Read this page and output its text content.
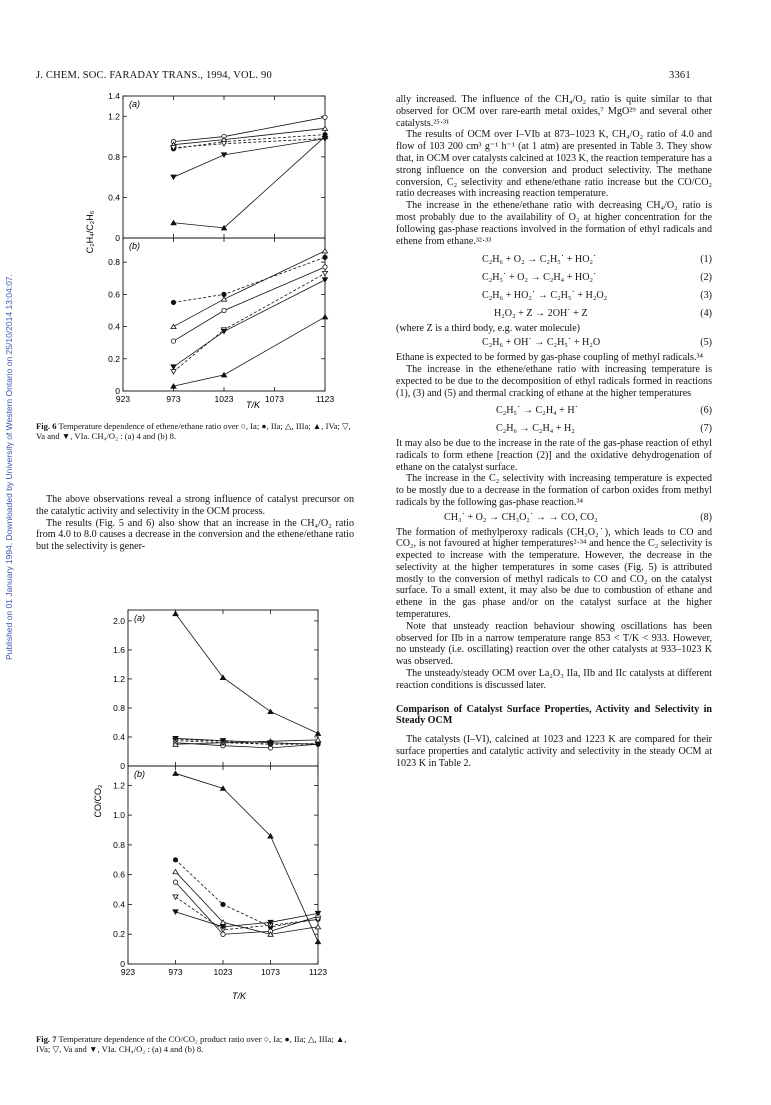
J. CHEM. SOC. FARADAY TRANS., 1994, VOL. 90	3361
Published on 01 January 1994. Downloaded by University of Western Ontario on 25/10/2014 13:04:07.
1.4
1.2
0.8
0.4
0
(a)
0.8
0.6
0.4
0.2
0
923	973	1023	1073	1123
(b)
C₂H₄/C₂H₆
T/K
Fig. 6 Temperature dependence of ethene/ethane ratio over ○, Ia; ●, IIa; △, IIIa; ▲, IVa; ▽, Va and ▼, VIa. CH₄/O₂ : (a) 4 and (b) 8.

The above observations reveal a strong influence of catalyst precursor on the catalytic activity and selectivity in the OCM process.

The results (Fig. 5 and 6) also show that an increase in the CH₄/O₂ ratio from 4.0 to 8.0 causes a decrease in the conversion and the ethene/ethane ratio but the selectivity is gener-

2.0
1.6
1.2
0.8
0.4
0
(a)
1.2
1.0
0.8
0.6
0.4
0.2
0
923	973	1023	1073	1123
(b)
CO/CO₂
T/K
Fig. 7 Temperature dependence of the CO/CO₂ product ratio over ○, Ia; ●, IIa; △, IIIa; ▲, IVa; ▽, Va and ▼, VIa. CH₄/O₂ : (a) 4 and (b) 8.

ally increased. The influence of the CH₄/O₂ ratio is quite similar to that observed for OCM over rare-earth metal oxides,⁷ MgO²⁹ and several other catalysts.²⁵·³¹

The results of OCM over I–VIb at 873–1023 K, CH₄/O₂ ratio of 4.0 and flow of 103 200 cm³ g⁻¹ h⁻¹ (at 1 atm) are presented in Table 3. They show that, in OCM over catalysts calcined at 1023 K, the reaction temperature has a strong influence on the conversion and product selectivity. The methane conversion, C₂ selectivity and ethene/ethane ratio increase but the CO/CO₂ ratio decreases with increasing reaction temperature.

The increase in the ethene/ethane ratio with decreasing CH₄/O₂ ratio is most probably due to the availability of O₂ at higher concentration for the following gas-phase reactions involved in the formation of ethyl radicals and ethene from ethane.³²·³³

C₂H₆ + O₂ → C₂H₅˙ + HO₂˙	(1)
C₂H₅˙ + O₂ → C₂H₄ + HO₂˙	(2)
C₂H₆ + HO₂˙ → C₂H₅˙ + H₂O₂	(3)
H₂O₂ + Z → 2OH˙ + Z	(4)

(where Z is a third body, e.g. water molecule)

C₂H₆ + OH˙ → C₂H₅˙ + H₂O	(5)

Ethane is expected to be formed by gas-phase coupling of methyl radicals.³⁴

The increase in the ethene/ethane ratio with increasing temperature is expected to be due to the decomposition of ethyl radicals formed in reactions (1), (3) and (5) and thermal cracking of ethane at the higher temperatures

C₂H₅˙ → C₂H₄ + H˙	(6)
C₂H₆ → C₂H₄ + H₂	(7)

It may also be due to the increase in the rate of the gas-phase reaction of ethyl radicals to form ethene [reaction (2)] and the oxidative dehydrogenation of ethane on the catalyst surface.

The increase in the C₂ selectivity with increasing temperature is expected to be mostly due to a decrease in the formation of carbon oxides from methyl radicals by the following gas-phase reaction.³⁴

CH₃˙ + O₂ → CH₃O₂˙ → → CO, CO₂	(8)

The formation of methylperoxy radicals (CH₃O₂˙), which leads to CO and CO₂, is not favoured at higher temperatures²·³⁴ and hence the C₂ selectivity is expected to increase with the temperature. However, the decrease in the selectivity at the higher temperatures in some cases (Fig. 5) is attributed mostly to the conversion of methyl radicals to CO and CO₂ on the catalyst surface. To a small extent, it may also be due to combustion of ethane and ethene in the gas phase and/or on the catalyst surface at the higher temperatures.

Note that unsteady reaction behaviour showing oscillations has been observed for IIb in a narrow temperature range 853 < T/K < 933. However, no unsteady (i.e. oscillating) reaction over the other catalysts at 933–1023 K was observed.

The unsteady/steady OCM over La₂O₃ IIa, IIb and IIc catalysts at different reaction conditions is discussed later.

Comparison of Catalyst Surface Properties, Activity and Selectivity in Steady OCM

The catalysts (I–VI), calcined at 1023 and 1223 K are compared for their surface properties and catalytic activity and selectivity in the steady OCM at 1023 K in Table 2.
